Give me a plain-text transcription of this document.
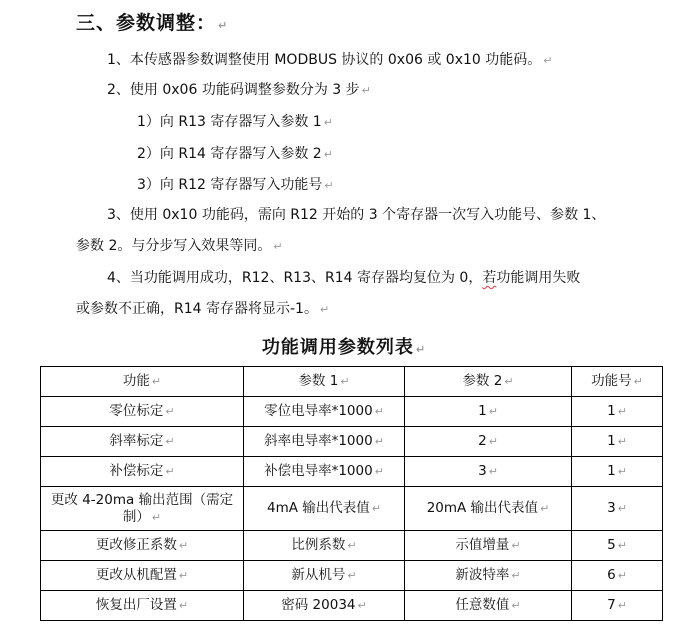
三、参数调整： ↵
1、本传感器参数调整使用 MODBUS 协议的 0x06 或 0x10 功能码。 ↵
2、使用 0x06 功能码调整参数分为 3 步 ↵
1）向 R13 寄存器写入参数 1 ↵
2）向 R14 寄存器写入参数 2 ↵
3）向 R12 寄存器写入功能号 ↵
3、使用 0x10 功能码，需向 R12 开始的 3 个寄存器一次写入功能号、参数 1、
参数 2。与分步写入效果等同。 ↵
4、当功能调用成功，R12、R13、R14 寄存器均复位为 0，若功能调用失败
或参数不正确，R14 寄存器将显示-1。 ↵
功能调用参数列表 ↵
功能 ↵	参数 1 ↵	参数 2 ↵	功能号 ↵
零位标定 ↵	零位电导率*1000 ↵	1 ↵	1 ↵
斜率标定 ↵	斜率电导率*1000 ↵	2 ↵	1 ↵
补偿标定 ↵	补偿电导率*1000 ↵	3 ↵	1 ↵
更改 4-20ma 输出范围（需定制） ↵	4mA 输出代表值 ↵	20mA 输出代表值 ↵	3 ↵
更改修正系数 ↵	比例系数 ↵	示值增量 ↵	5 ↵
更改从机配置 ↵	新从机号 ↵	新波特率 ↵	6 ↵
恢复出厂设置 ↵	密码 20034 ↵	任意数值 ↵	7 ↵
